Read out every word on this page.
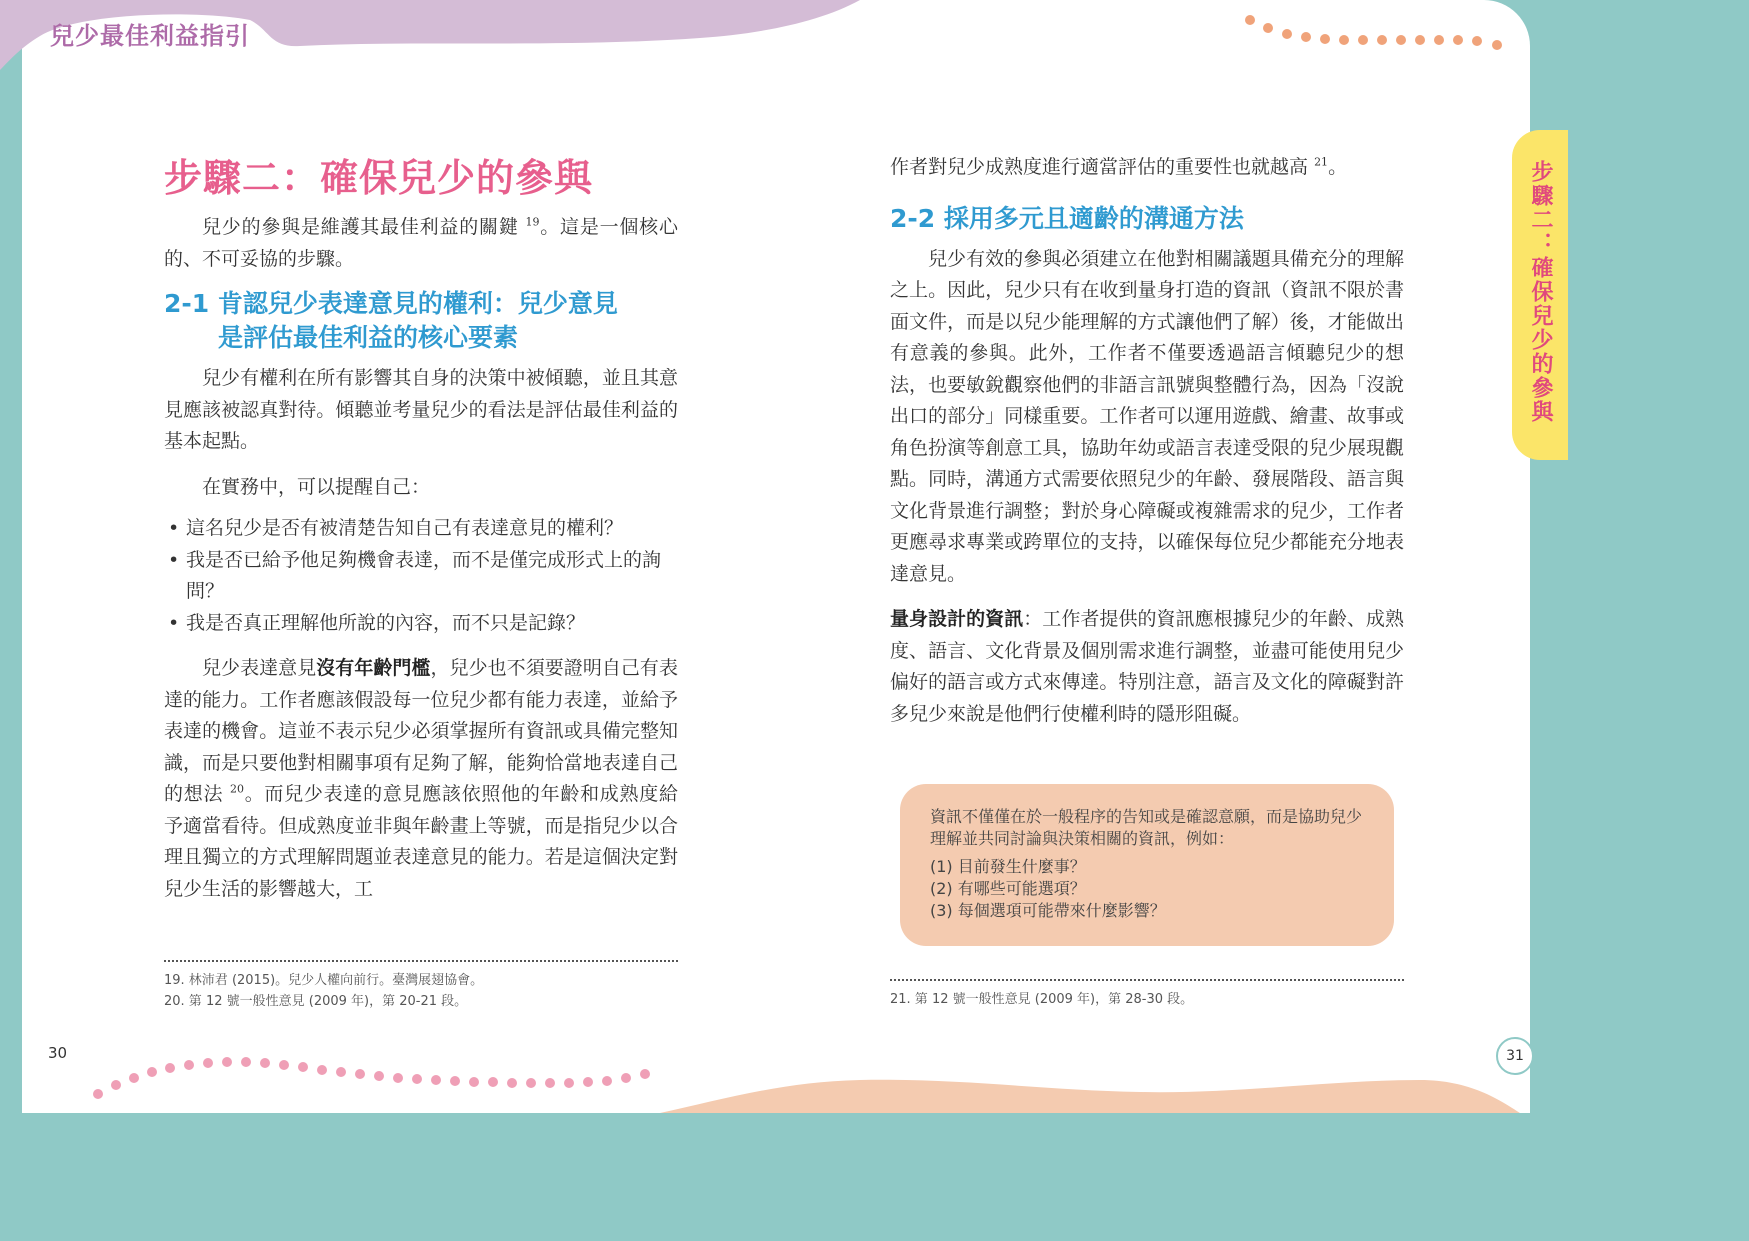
兒少最佳利益指引
步驟二：確保兒少的參與
步驟二：確保兒少的參與

兒少的參與是維護其最佳利益的關鍵 $^{19}$。這是一個核心的、不可妥協的步驟。

2-1 肯認兒少表達意見的權利：兒少意見
是評估最佳利益的核心要素

兒少有權利在所有影響其自身的決策中被傾聽，並且其意見應該被認真對待。傾聽並考量兒少的看法是評估最佳利益的基本起點。

在實務中，可以提醒自己：

• 這名兒少是否有被清楚告知自己有表達意見的權利？
• 我是否已給予他足夠機會表達，而不是僅完成形式上的詢問？
• 我是否真正理解他所說的內容，而不只是記錄？

兒少表達意見沒有年齡門檻，兒少也不須要證明自己有表達的能力。工作者應該假設每一位兒少都有能力表達，並給予表達的機會。這並不表示兒少必須掌握所有資訊或具備完整知識，而是只要他對相關事項有足夠了解，能夠恰當地表達自己的想法 $^{20}$。而兒少表達的意見應該依照他的年齡和成熟度給予適當看待。但成熟度並非與年齡畫上等號，而是指兒少以合理且獨立的方式理解問題並表達意見的能力。若是這個決定對兒少生活的影響越大，工

19. 林沛君 (2015)。兒少人權向前行。臺灣展翅協會。
20. 第 12 號一般性意見 (2009 年)，第 20-21 段。

作者對兒少成熟度進行適當評估的重要性也就越高 $^{21}$。

2-2 採用多元且適齡的溝通方法

兒少有效的參與必須建立在他對相關議題具備充分的理解之上。因此，兒少只有在收到量身打造的資訊（資訊不限於書面文件，而是以兒少能理解的方式讓他們了解）後，才能做出有意義的參與。此外，工作者不僅要透過語言傾聽兒少的想法，也要敏銳觀察他們的非語言訊號與整體行為，因為「沒說出口的部分」同樣重要。工作者可以運用遊戲、繪畫、故事或角色扮演等創意工具，協助年幼或語言表達受限的兒少展現觀點。同時，溝通方式需要依照兒少的年齡、發展階段、語言與文化背景進行調整；對於身心障礙或複雜需求的兒少，工作者更應尋求專業或跨單位的支持，以確保每位兒少都能充分地表達意見。

量身設計的資訊：工作者提供的資訊應根據兒少的年齡、成熟度、語言、文化背景及個別需求進行調整，並盡可能使用兒少偏好的語言或方式來傳達。特別注意，語言及文化的障礙對許多兒少來說是他們行使權利時的隱形阻礙。

資訊不僅僅在於一般程序的告知或是確認意願，而是協助兒少理解並共同討論與決策相關的資訊，例如：
(1) 目前發生什麼事？
(2) 有哪些可能選項？
(3) 每個選項可能帶來什麼影響？
21. 第 12 號一般性意見 (2009 年)，第 28-30 段。
30	31
